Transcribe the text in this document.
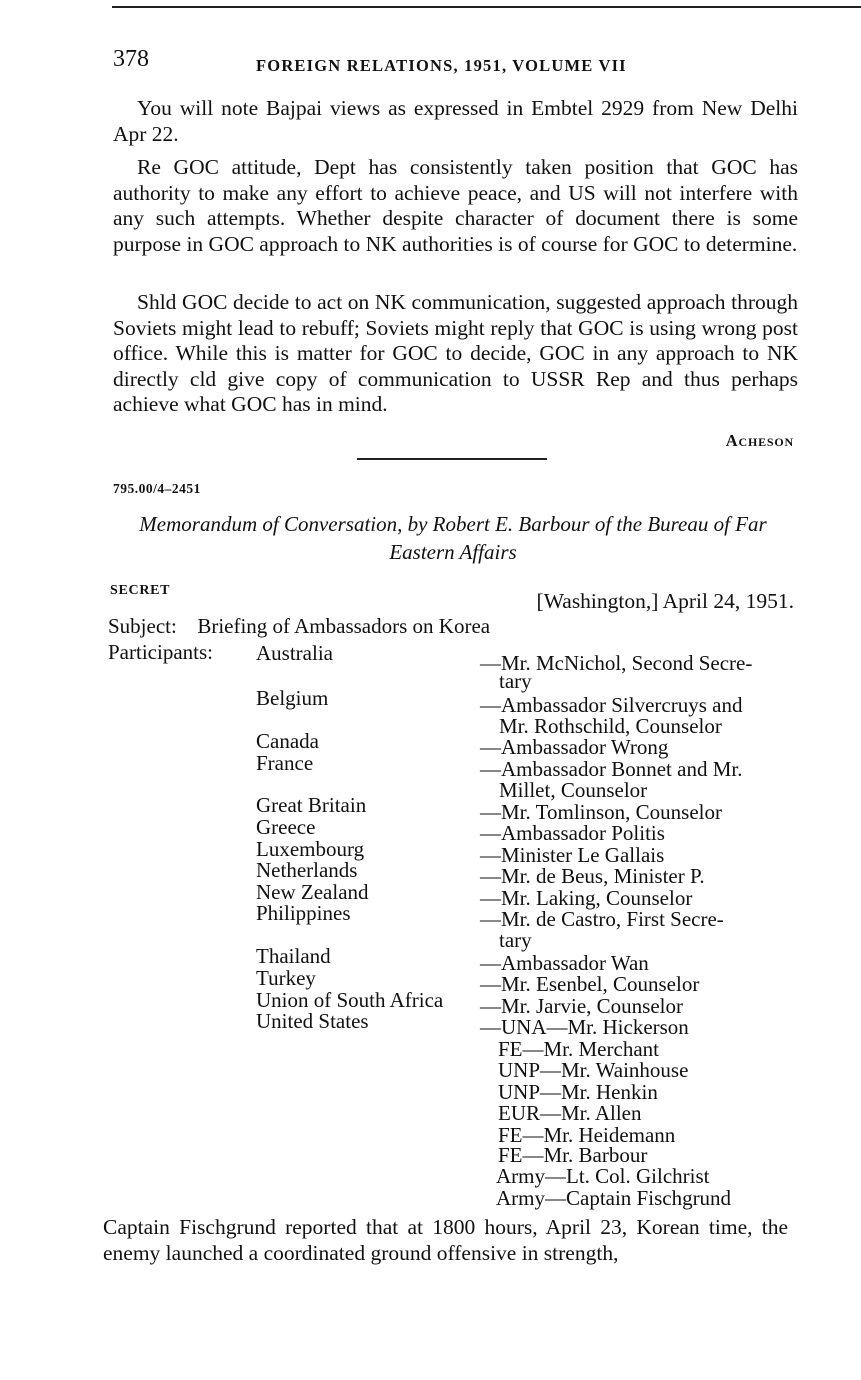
378	FOREIGN RELATIONS, 1951, VOLUME VII

You will note Bajpai views as expressed in Embtel 2929 from New Delhi Apr 22.

Re GOC attitude, Dept has consistently taken position that GOC has authority to make any effort to achieve peace, and US will not interfere with any such attempts. Whether despite character of document there is some purpose in GOC approach to NK authorities is of course for GOC to determine.

Shld GOC decide to act on NK communication, suggested approach through Soviets might lead to rebuff; Soviets might reply that GOC is using wrong post office. While this is matter for GOC to decide, GOC in any approach to NK directly cld give copy of communication to USSR Rep and thus perhaps achieve what GOC has in mind.

Acheson
795.00/4–2451

Memorandum of Conversation, by Robert E. Barbour of the Bureau of Far Eastern Affairs

SECRET	[Washington,] April 24, 1951.
Subject: Briefing of Ambassadors on Korea
Participants: Australia	—Mr. McNichol, Second Secre-
tary
Belgium	—Ambassador Silvercruys and
Mr. Rothschild, Counselor
Canada	—Ambassador Wrong
France	—Ambassador Bonnet and Mr.
Millet, Counselor
Great Britain	—Mr. Tomlinson, Counselor
Greece	—Ambassador Politis
Luxembourg	—Minister Le Gallais
Netherlands	—Mr. de Beus, Minister P.
New Zealand	—Mr. Laking, Counselor
Philippines	—Mr. de Castro, First Secre-
tary
Thailand	—Ambassador Wan
Turkey	—Mr. Esenbel, Counselor
Union of South Africa —Mr. Jarvie, Counselor
United States	—UNA—Mr. Hickerson
FE—Mr. Merchant
UNP—Mr. Wainhouse
UNP—Mr. Henkin
EUR—Mr. Allen
FE—Mr. Heidemann
FE—Mr. Barbour
Army—Lt. Col. Gilchrist
Army—Captain Fischgrund

Captain Fischgrund reported that at 1800 hours, April 23, Korean time, the enemy launched a coordinated ground offensive in strength,
